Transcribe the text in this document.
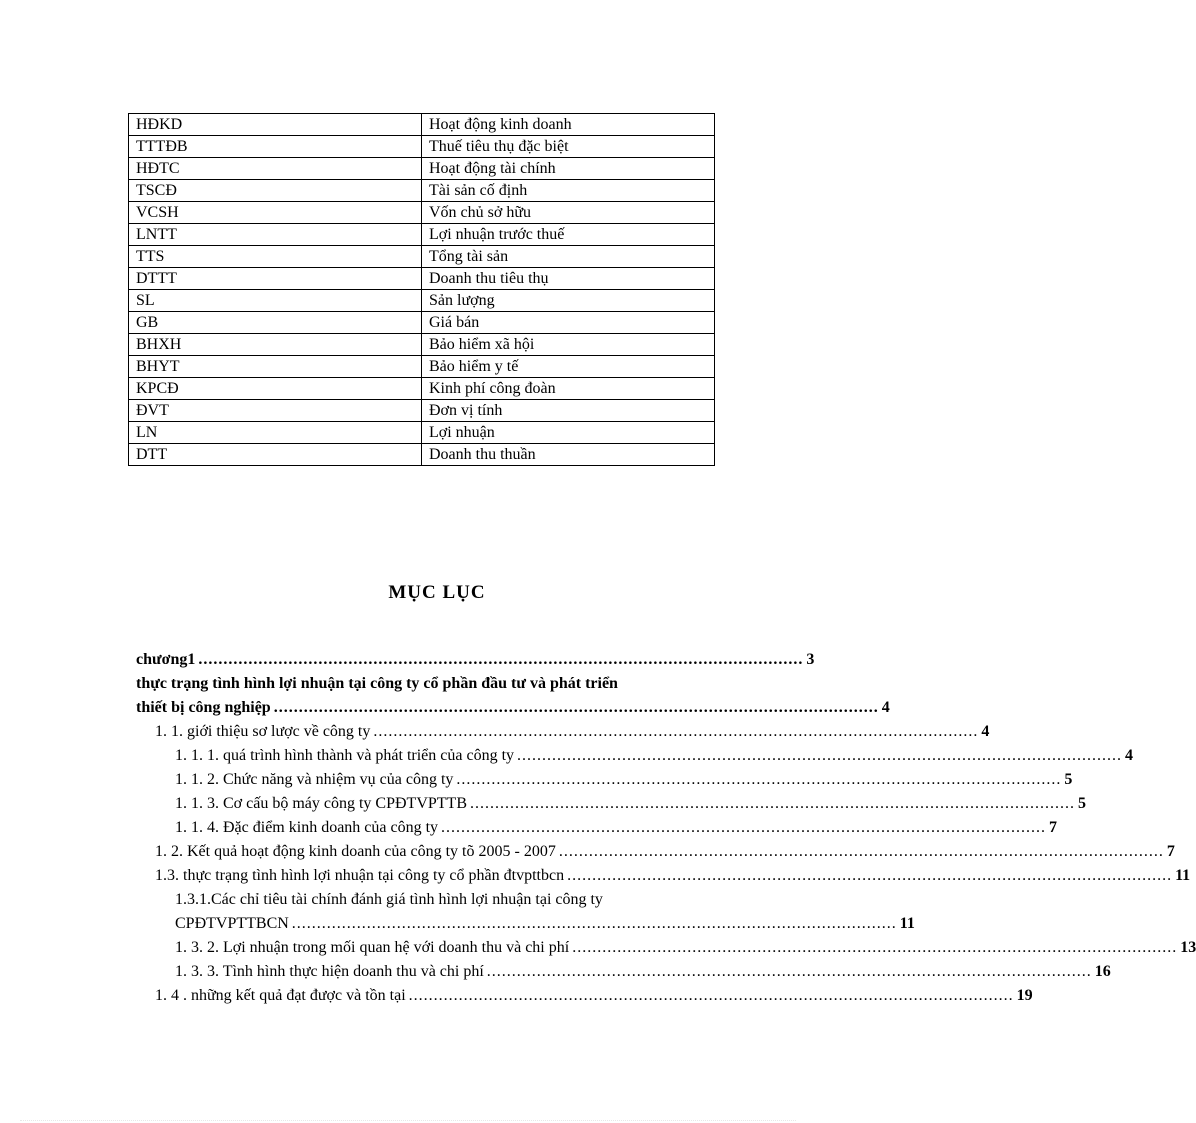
HĐKD	Hoạt động kinh doanh
TTTĐB	Thuế tiêu thụ đặc biệt
HĐTC	Hoạt động tài chính
TSCĐ	Tài sản cố định
VCSH	Vốn chủ sở hữu
LNTT	Lợi nhuận trước thuế
TTS	Tổng tài sản
DTTT	Doanh thu tiêu thụ
SL	Sản lượng
GB	Giá bán
BHXH	Bảo hiểm xã hội
BHYT	Bảo hiểm y tế
KPCĐ	Kinh phí công đoàn
ĐVT	Đơn vị tính
LN	Lợi nhuận
DTT	Doanh thu thuần
MỤC LỤC
chương1 ......................................................................................................................... 3
thực trạng tình hình lợi nhuận tại công ty cổ phần đầu tư và phát triển
thiết bị công nghiệp ......................................................................................................................... 4
1. 1. giới thiệu sơ lược về công ty ......................................................................................................................... 4
1. 1. 1. quá trình hình thành và phát triển của công ty ......................................................................................................................... 4
1. 1. 2. Chức năng và nhiệm vụ của công ty ......................................................................................................................... 5
1. 1. 3. Cơ cấu bộ máy công ty CPĐTVPTTB ......................................................................................................................... 5
1. 1. 4. Đặc điểm kinh doanh của công ty ......................................................................................................................... 7
1. 2. Kết quả hoạt động kinh doanh của công ty tõ 2005 - 2007 ......................................................................................................................... 7
1.3. thực trạng tình hình lợi nhuận tại công ty cổ phần đtvpttbcn ......................................................................................................................... 11
1.3.1.Các chỉ tiêu tài chính đánh giá tình hình lợi nhuận tại công ty
CPĐTVPTTBCN ......................................................................................................................... 11
1. 3. 2. Lợi nhuận trong mối quan hệ với doanh thu và chi phí ......................................................................................................................... 13
1. 3. 3. Tình hình thực hiện doanh thu và chi phí ......................................................................................................................... 16
1. 4 . những kết quả đạt được và tồn tại ......................................................................................................................... 19
